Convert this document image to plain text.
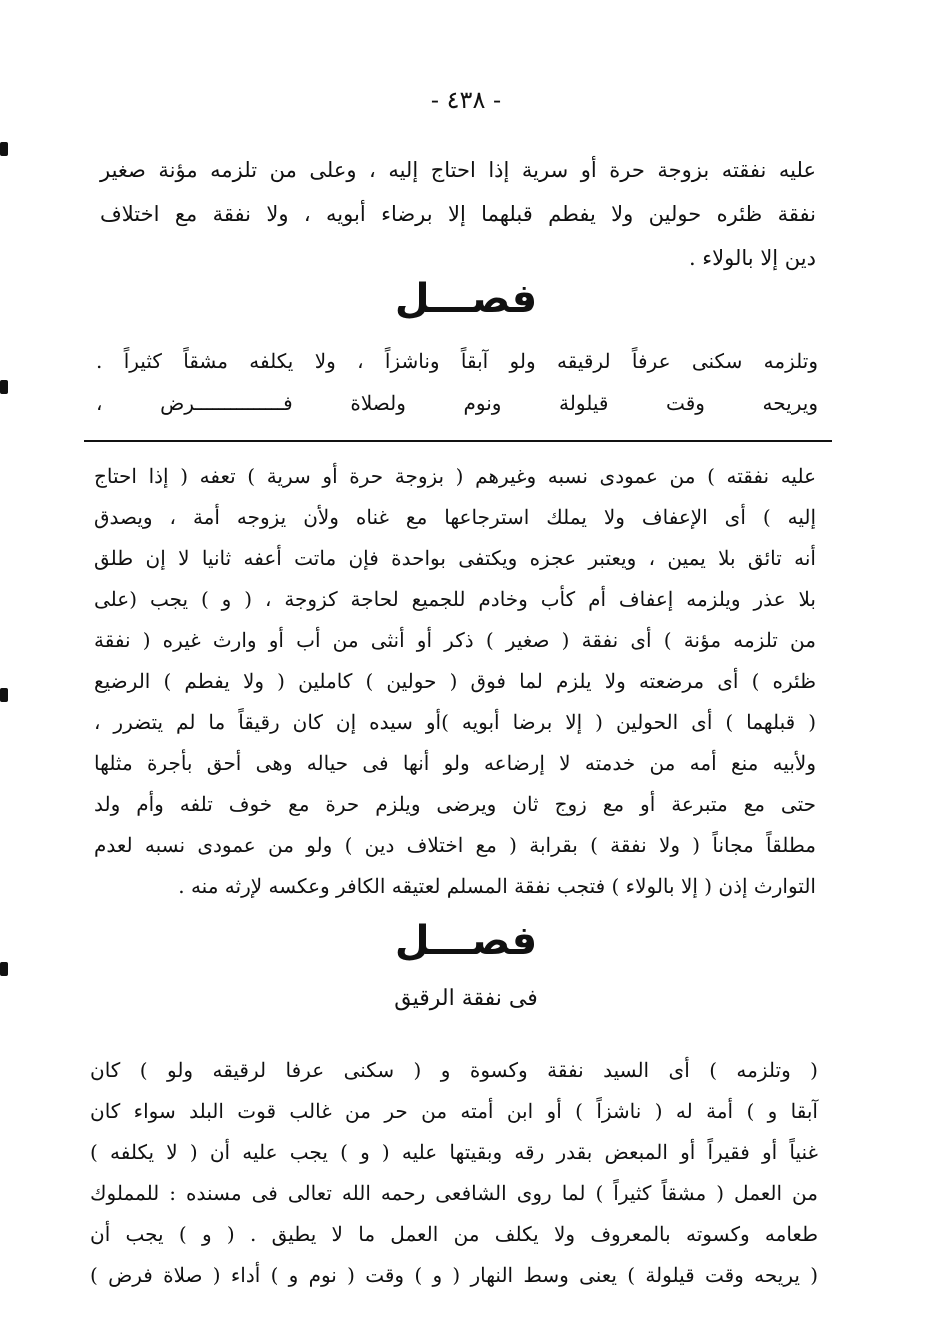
- ٤٣٨ -
عليه نفقته بزوجة حرة أو سرية إذا احتاج إليه ، وعلى من تلزمه مؤنة صغير
نفقة ظئره حولين ولا يفطم قبلهما إلا برضاء أبويه ، ولا نفقة مع اختلاف
دين إلا بالولاء .
فصـــل
وتلزمه سكنى عرفاً لرقيقه ولو آبقاً وناشزاً ، ولا يكلفه مشقاً كثيراً .
ويريحه وقت قيلولة ونوم ولصلاة فـــــــــــــــرض ،
عليه نفقته ) من عمودى نسبه وغيرهم ( بزوجة حرة أو سرية ) تعفه ( إذا احتاج
إليه ) أى الإعفاف ولا يملك استرجاعها مع غناه ولأن يزوجه أمة ، ويصدق
أنه تائق بلا يمين ، ويعتبر عجزه ويكتفى بواحدة فإن ماتت أعفه ثانيا لا إن طلق
بلا عذر ويلزمه إعفاف أم كأب وخادم للجميع لحاجة كزوجة ، ( و ) يجب (على
من تلزمه مؤنة ) أى نفقة ( صغير ) ذكر أو أنثى من أب أو وارث غيره ( نفقة
ظئره ) أى مرضعته ولا يلزم لما فوق ( حولين ) كاملين ( ولا يفطم ) الرضيع
( قبلهما ) أى الحولين ( إلا برضا أبويه )أو سيده إن كان رقيقاً ما لم يتضرر ،
ولأبيه منع أمه من خدمته لا إرضاعه ولو أنها فى حياله وهى أحق بأجرة مثلها
حتى مع متبرعة أو مع زوج ثان ويرضى ويلزم حرة مع خوف تلفه وأم ولد
مطلقاً مجاناً ( ولا نفقة ) بقرابة ( مع اختلاف دين ) ولو من عمودى نسبه لعدم
التوارث إذن ( إلا بالولاء ) فتجب نفقة المسلم لعتيقه الكافر وعكسه لإرثه منه .
فصـــل
فى نفقة الرقيق
( وتلزمه ) أى السيد نفقة وكسوة و ( سكنى عرفا لرقيقه ولو ) كان
آبقا و ) أمة له ( ناشزاً ) أو ابن أمته من حر من غالب قوت البلد سواء كان
غنياً أو فقيراً أو المبعض بقدر رقه وبقيتها عليه ( و ) يجب عليه أن ( لا يكلفه )
من العمل ( مشقاً كثيراً ) لما روى الشافعى رحمه الله تعالى فى مسنده : للمملوك
طعامه وكسوته بالمعروف ولا يكلف من العمل ما لا يطيق . ( و ) يجب أن
( يريحه وقت قيلولة ) يعنى وسط النهار ( و ) وقت ( نوم و ) أداء ( صلاة فرض )
